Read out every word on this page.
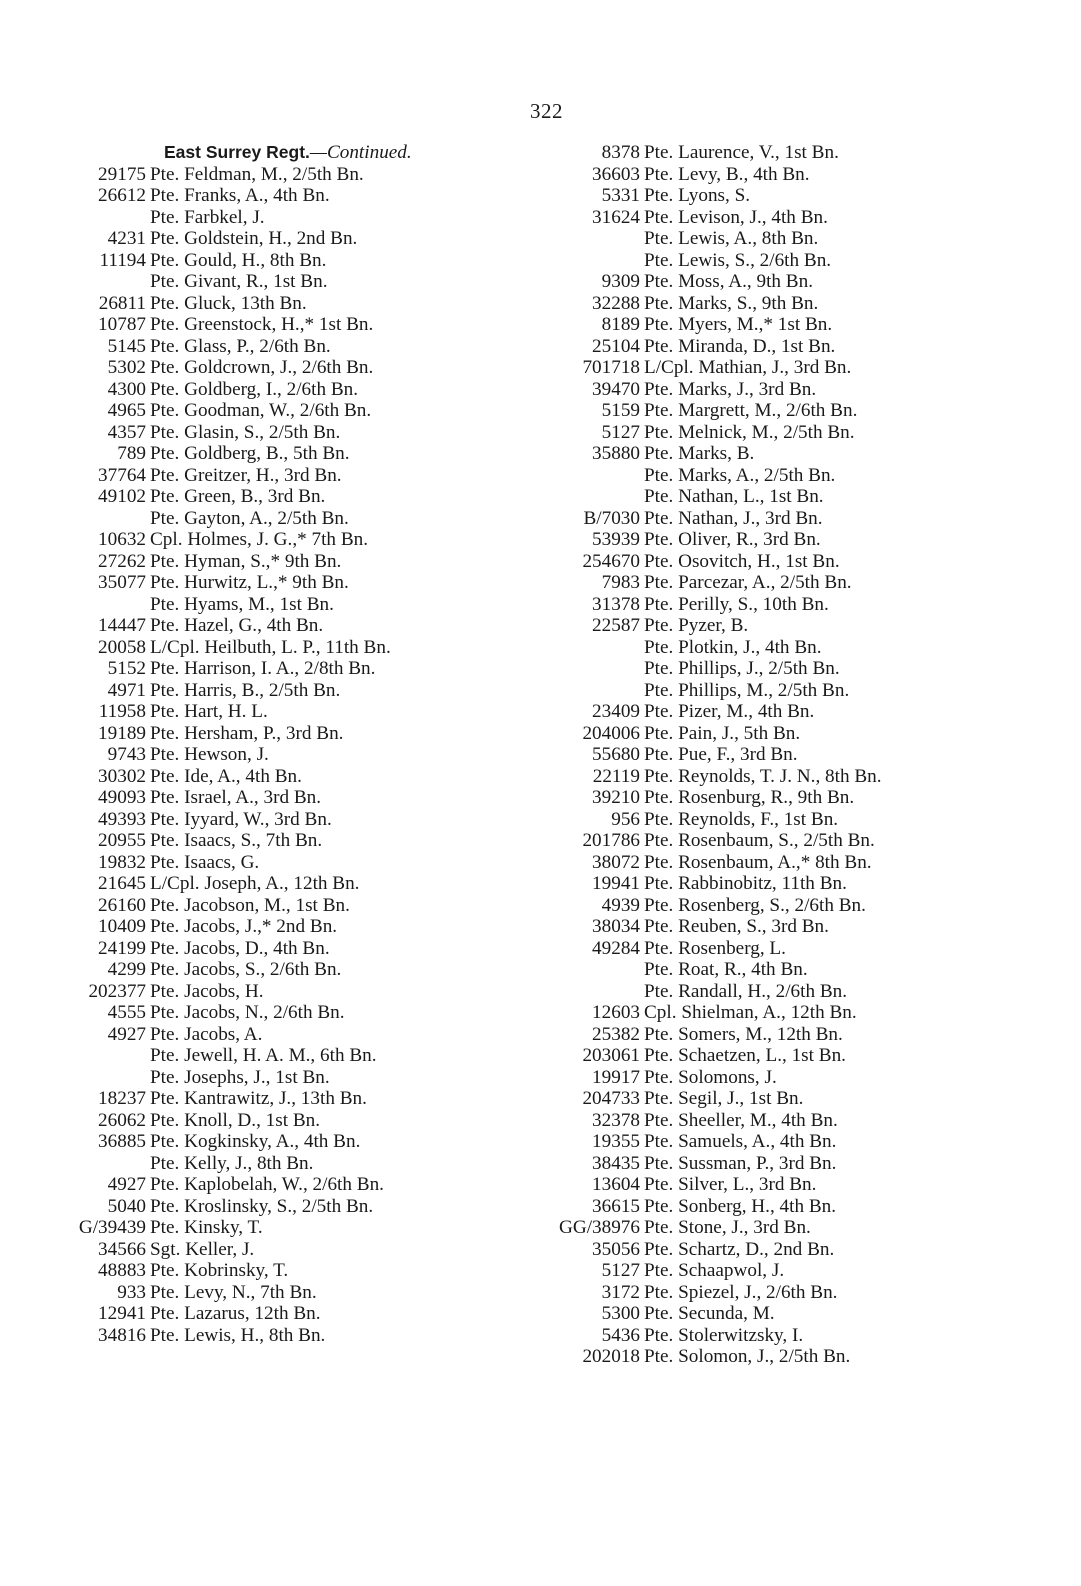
322
East Surrey Regt.—Continued.
29175 Pte. Feldman, M., 2/5th Bn.
26612 Pte. Franks, A., 4th Bn.
Pte. Farbkel, J.
4231 Pte. Goldstein, H., 2nd Bn.
11194 Pte. Gould, H., 8th Bn.
Pte. Givant, R., 1st Bn.
26811 Pte. Gluck, 13th Bn.
10787 Pte. Greenstock, H.,* 1st Bn.
5145 Pte. Glass, P., 2/6th Bn.
5302 Pte. Goldcrown, J., 2/6th Bn.
4300 Pte. Goldberg, I., 2/6th Bn.
4965 Pte. Goodman, W., 2/6th Bn.
4357 Pte. Glasin, S., 2/5th Bn.
789 Pte. Goldberg, B., 5th Bn.
37764 Pte. Greitzer, H., 3rd Bn.
49102 Pte. Green, B., 3rd Bn.
Pte. Gayton, A., 2/5th Bn.
10632 Cpl. Holmes, J. G.,* 7th Bn.
27262 Pte. Hyman, S.,* 9th Bn.
35077 Pte. Hurwitz, L.,* 9th Bn.
Pte. Hyams, M., 1st Bn.
14447 Pte. Hazel, G., 4th Bn.
20058 L/Cpl. Heilbuth, L. P., 11th Bn.
5152 Pte. Harrison, I. A., 2/8th Bn.
4971 Pte. Harris, B., 2/5th Bn.
11958 Pte. Hart, H. L.
19189 Pte. Hersham, P., 3rd Bn.
9743 Pte. Hewson, J.
30302 Pte. Ide, A., 4th Bn.
49093 Pte. Israel, A., 3rd Bn.
49393 Pte. Iyyard, W., 3rd Bn.
20955 Pte. Isaacs, S., 7th Bn.
19832 Pte. Isaacs, G.
21645 L/Cpl. Joseph, A., 12th Bn.
26160 Pte. Jacobson, M., 1st Bn.
10409 Pte. Jacobs, J.,* 2nd Bn.
24199 Pte. Jacobs, D., 4th Bn.
4299 Pte. Jacobs, S., 2/6th Bn.
202377 Pte. Jacobs, H.
4555 Pte. Jacobs, N., 2/6th Bn.
4927 Pte. Jacobs, A.
Pte. Jewell, H. A. M., 6th Bn.
Pte. Josephs, J., 1st Bn.
18237 Pte. Kantrawitz, J., 13th Bn.
26062 Pte. Knoll, D., 1st Bn.
36885 Pte. Kogkinsky, A., 4th Bn.
Pte. Kelly, J., 8th Bn.
4927 Pte. Kaplobelah, W., 2/6th Bn.
5040 Pte. Kroslinsky, S., 2/5th Bn.
G/39439 Pte. Kinsky, T.
34566 Sgt. Keller, J.
48883 Pte. Kobrinsky, T.
933 Pte. Levy, N., 7th Bn.
12941 Pte. Lazarus, 12th Bn.
34816 Pte. Lewis, H., 8th Bn.
8378 Pte. Laurence, V., 1st Bn.
36603 Pte. Levy, B., 4th Bn.
5331 Pte. Lyons, S.
31624 Pte. Levison, J., 4th Bn.
Pte. Lewis, A., 8th Bn.
Pte. Lewis, S., 2/6th Bn.
9309 Pte. Moss, A., 9th Bn.
32288 Pte. Marks, S., 9th Bn.
8189 Pte. Myers, M.,* 1st Bn.
25104 Pte. Miranda, D., 1st Bn.
701718 L/Cpl. Mathian, J., 3rd Bn.
39470 Pte. Marks, J., 3rd Bn.
5159 Pte. Margrett, M., 2/6th Bn.
5127 Pte. Melnick, M., 2/5th Bn.
35880 Pte. Marks, B.
Pte. Marks, A., 2/5th Bn.
Pte. Nathan, L., 1st Bn.
B/7030 Pte. Nathan, J., 3rd Bn.
53939 Pte. Oliver, R., 3rd Bn.
254670 Pte. Osovitch, H., 1st Bn.
7983 Pte. Parcezar, A., 2/5th Bn.
31378 Pte. Perilly, S., 10th Bn.
22587 Pte. Pyzer, B.
Pte. Plotkin, J., 4th Bn.
Pte. Phillips, J., 2/5th Bn.
Pte. Phillips, M., 2/5th Bn.
23409 Pte. Pizer, M., 4th Bn.
204006 Pte. Pain, J., 5th Bn.
55680 Pte. Pue, F., 3rd Bn.
22119 Pte. Reynolds, T. J. N., 8th Bn.
39210 Pte. Rosenburg, R., 9th Bn.
956 Pte. Reynolds, F., 1st Bn.
201786 Pte. Rosenbaum, S., 2/5th Bn.
38072 Pte. Rosenbaum, A.,* 8th Bn.
19941 Pte. Rabbinobitz, 11th Bn.
4939 Pte. Rosenberg, S., 2/6th Bn.
38034 Pte. Reuben, S., 3rd Bn.
49284 Pte. Rosenberg, L.
Pte. Roat, R., 4th Bn.
Pte. Randall, H., 2/6th Bn.
12603 Cpl. Shielman, A., 12th Bn.
25382 Pte. Somers, M., 12th Bn.
203061 Pte. Schaetzen, L., 1st Bn.
19917 Pte. Solomons, J.
204733 Pte. Segil, J., 1st Bn.
32378 Pte. Sheeller, M., 4th Bn.
19355 Pte. Samuels, A., 4th Bn.
38435 Pte. Sussman, P., 3rd Bn.
13604 Pte. Silver, L., 3rd Bn.
36615 Pte. Sonberg, H., 4th Bn.
GG/38976 Pte. Stone, J., 3rd Bn.
35056 Pte. Schartz, D., 2nd Bn.
5127 Pte. Schaapwol, J.
3172 Pte. Spiezel, J., 2/6th Bn.
5300 Pte. Secunda, M.
5436 Pte. Stolerwitzsky, I.
202018 Pte. Solomon, J., 2/5th Bn.
